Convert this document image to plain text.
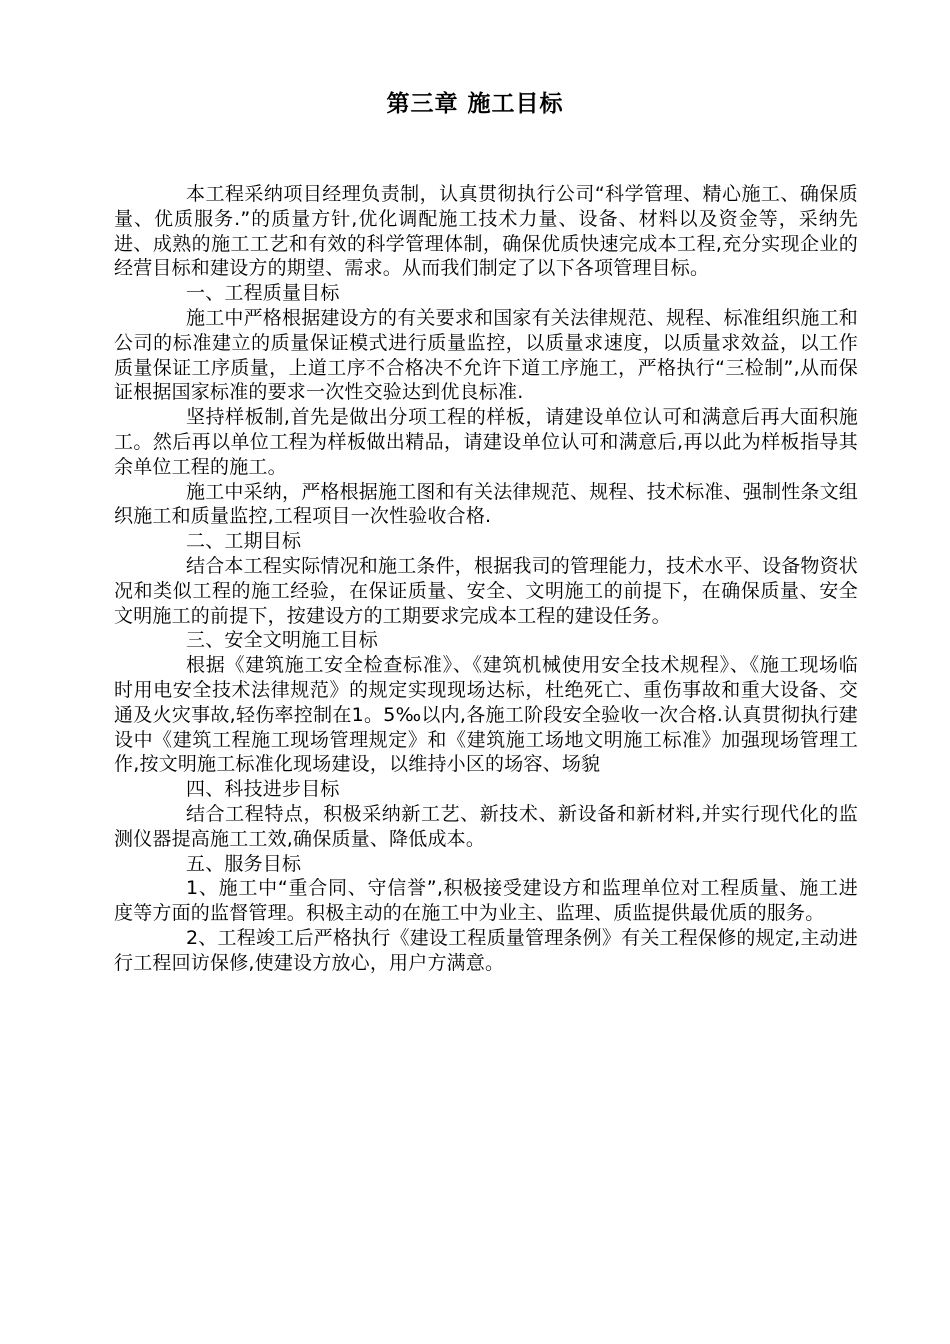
第三章 施工目标

本工程采纳项目经理负责制，认真贯彻执行公司“科学管理、精心施工、确保质量、优质服务.”的质量方针,优化调配施工技术力量、设备、材料以及资金等，采纳先进、成熟的施工工艺和有效的科学管理体制，确保优质快速完成本工程,充分实现企业的经营目标和建设方的期望、需求。从而我们制定了以下各项管理目标。

一、工程质量目标

施工中严格根据建设方的有关要求和国家有关法律规范、规程、标准组织施工和公司的标准建立的质量保证模式进行质量监控，以质量求速度，以质量求效益，以工作质量保证工序质量，上道工序不合格决不允许下道工序施工，严格执行“三检制”,从而保证根据国家标准的要求一次性交验达到优良标准.

坚持样板制,首先是做出分项工程的样板，请建设单位认可和满意后再大面积施工。然后再以单位工程为样板做出精品，请建设单位认可和满意后,再以此为样板指导其余单位工程的施工。

施工中采纳，严格根据施工图和有关法律规范、规程、技术标准、强制性条文组织施工和质量监控,工程项目一次性验收合格.

二、工期目标

结合本工程实际情况和施工条件，根据我司的管理能力，技术水平、设备物资状况和类似工程的施工经验，在保证质量、安全、文明施工的前提下，在确保质量、安全文明施工的前提下，按建设方的工期要求完成本工程的建设任务。

三、安全文明施工目标

根据《建筑施工安全检查标准》、《建筑机械使用安全技术规程》、《施工现场临时用电安全技术法律规范》的规定实现现场达标，杜绝死亡、重伤事故和重大设备、交通及火灾事故,轻伤率控制在1。5‰以内,各施工阶段安全验收一次合格.认真贯彻执行建设中《建筑工程施工现场管理规定》和《建筑施工场地文明施工标准》加强现场管理工作,按文明施工标准化现场建设，以维持小区的场容、场貌

四、科技进步目标

结合工程特点，积极采纳新工艺、新技术、新设备和新材料,并实行现代化的监测仪器提高施工工效,确保质量、降低成本。

五、服务目标

1、施工中“重合同、守信誉”,积极接受建设方和监理单位对工程质量、施工进度等方面的监督管理。积极主动的在施工中为业主、监理、质监提供最优质的服务。

2、工程竣工后严格执行《建设工程质量管理条例》有关工程保修的规定,主动进行工程回访保修,使建设方放心，用户方满意。
